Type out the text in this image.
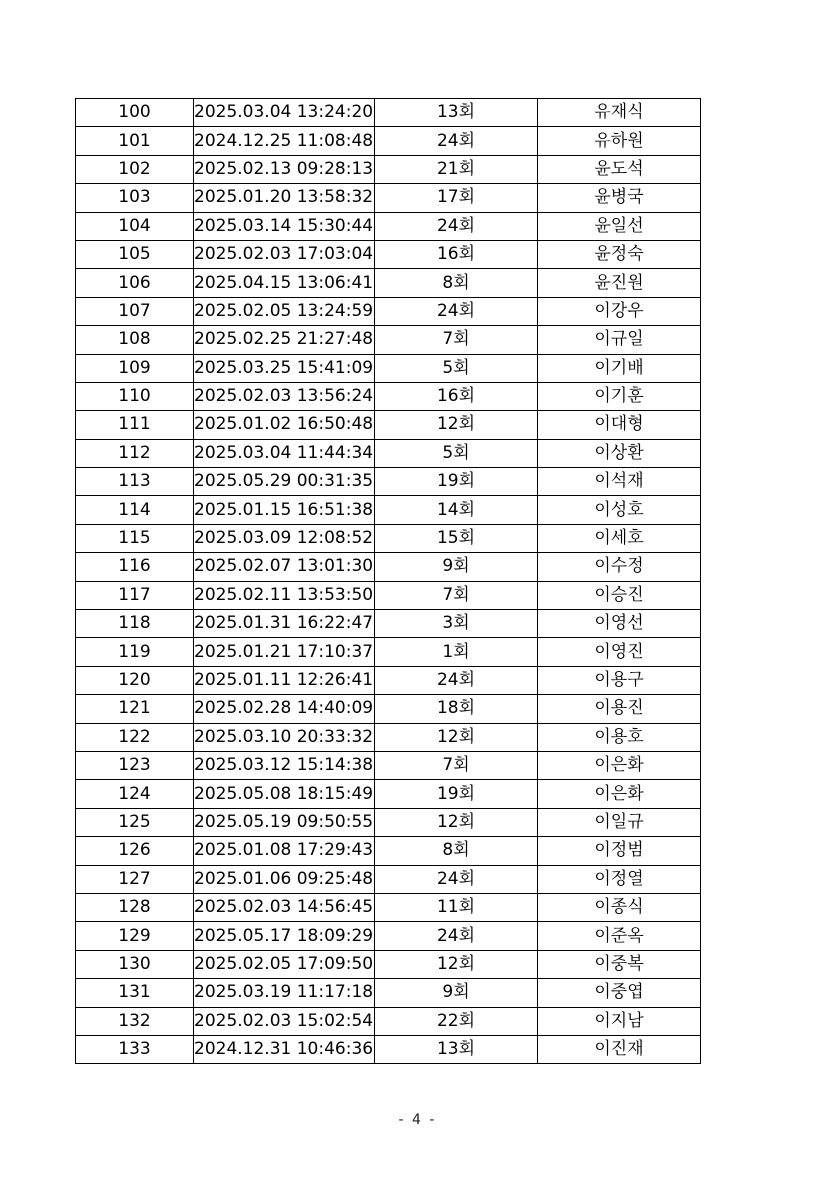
100	2025.03.04 13:24:20	13회	유재식
101	2024.12.25 11:08:48	24회	유하원
102	2025.02.13 09:28:13	21회	윤도석
103	2025.01.20 13:58:32	17회	윤병국
104	2025.03.14 15:30:44	24회	윤일선
105	2025.02.03 17:03:04	16회	윤정숙
106	2025.04.15 13:06:41	8회	윤진원
107	2025.02.05 13:24:59	24회	이강우
108	2025.02.25 21:27:48	7회	이규일
109	2025.03.25 15:41:09	5회	이기배
110	2025.02.03 13:56:24	16회	이기훈
111	2025.01.02 16:50:48	12회	이대형
112	2025.03.04 11:44:34	5회	이상환
113	2025.05.29 00:31:35	19회	이석재
114	2025.01.15 16:51:38	14회	이성호
115	2025.03.09 12:08:52	15회	이세호
116	2025.02.07 13:01:30	9회	이수정
117	2025.02.11 13:53:50	7회	이승진
118	2025.01.31 16:22:47	3회	이영선
119	2025.01.21 17:10:37	1회	이영진
120	2025.01.11 12:26:41	24회	이용구
121	2025.02.28 14:40:09	18회	이용진
122	2025.03.10 20:33:32	12회	이용호
123	2025.03.12 15:14:38	7회	이은화
124	2025.05.08 18:15:49	19회	이은화
125	2025.05.19 09:50:55	12회	이일규
126	2025.01.08 17:29:43	8회	이정범
127	2025.01.06 09:25:48	24회	이정열
128	2025.02.03 14:56:45	11회	이종식
129	2025.05.17 18:09:29	24회	이준옥
130	2025.02.05 17:09:50	12회	이중복
131	2025.03.19 11:17:18	9회	이중엽
132	2025.02.03 15:02:54	22회	이지남
133	2024.12.31 10:46:36	13회	이진재
- 4 -
